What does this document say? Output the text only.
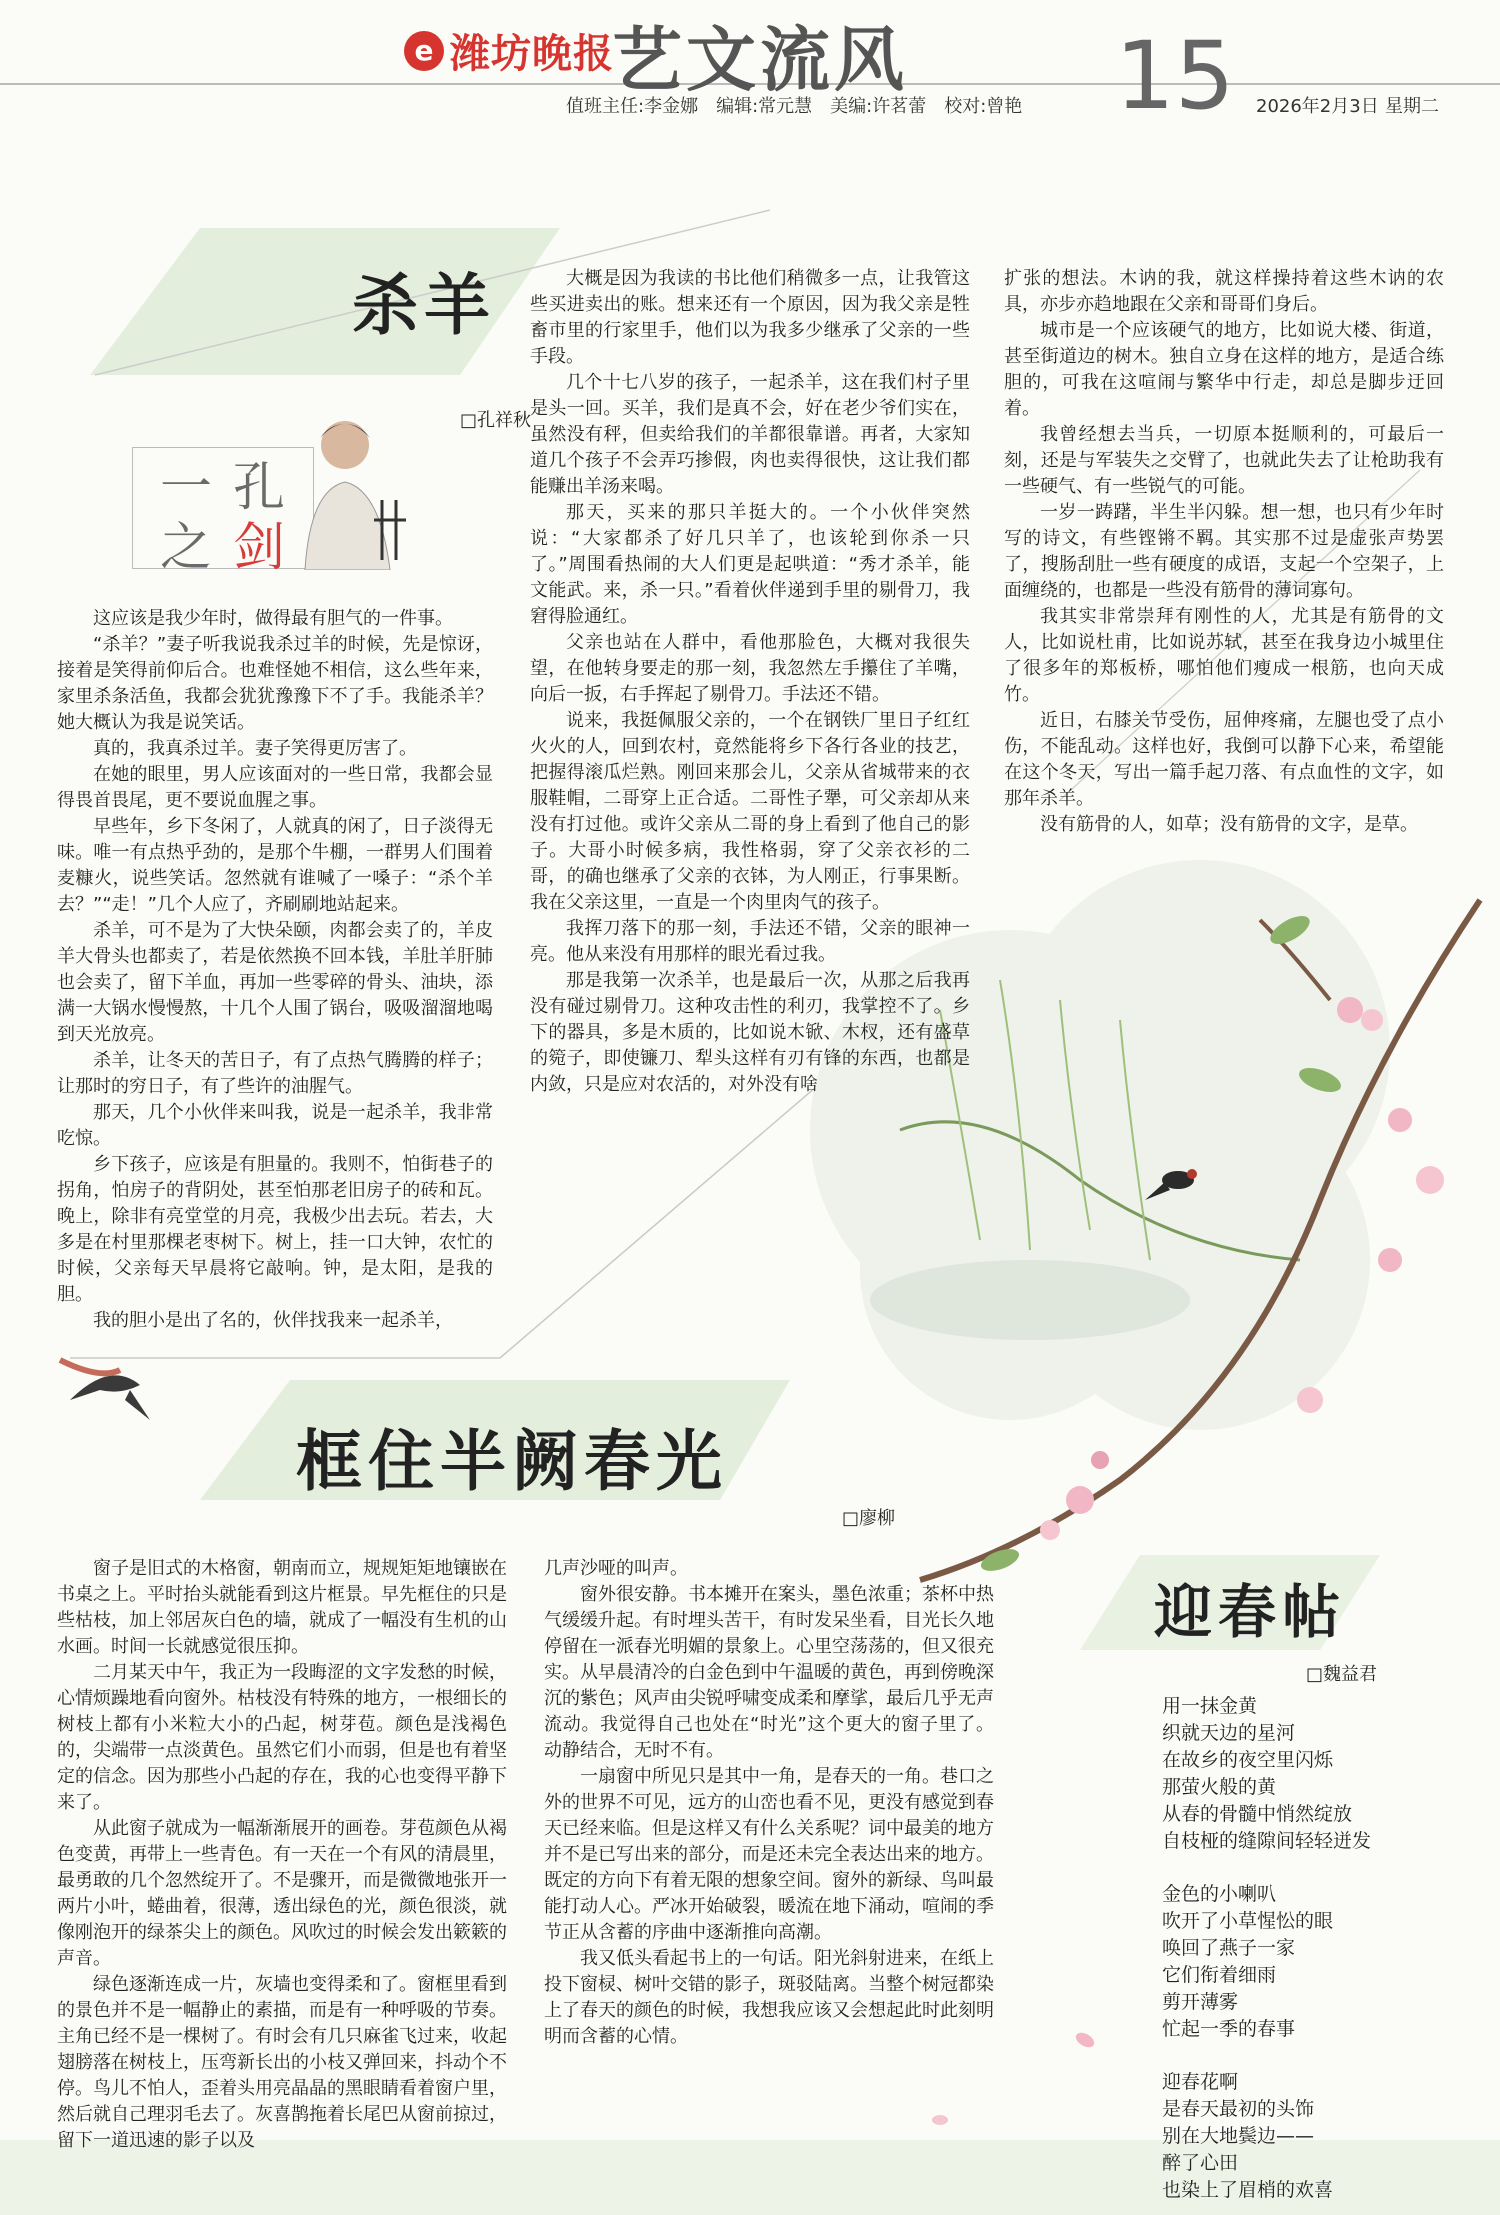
e 潍坊晚报
艺文流风 15
值班主任:李金娜　编辑:常元慧　美编:许茗蕾　校对:曾艳	2026年2月3日 星期二
杀羊
□孔祥秋
一 孔
之 剑

这应该是我少年时，做得最有胆气的一件事。

“杀羊？”妻子听我说我杀过羊的时候，先是惊讶，接着是笑得前仰后合。也难怪她不相信，这么些年来，家里杀条活鱼，我都会犹犹豫豫下不了手。我能杀羊？她大概认为我是说笑话。

真的，我真杀过羊。妻子笑得更厉害了。

在她的眼里，男人应该面对的一些日常，我都会显得畏首畏尾，更不要说血腥之事。

早些年，乡下冬闲了，人就真的闲了，日子淡得无味。唯一有点热乎劲的，是那个牛棚，一群男人们围着麦糠火，说些笑话。忽然就有谁喊了一嗓子：“杀个羊去？”“走！”几个人应了，齐刷刷地站起来。

杀羊，可不是为了大快朵颐，肉都会卖了的，羊皮羊大骨头也都卖了，若是依然换不回本钱，羊肚羊肝肺也会卖了，留下羊血，再加一些零碎的骨头、油块，添满一大锅水慢慢熬，十几个人围了锅台，吸吸溜溜地喝到天光放亮。

杀羊，让冬天的苦日子，有了点热气腾腾的样子；让那时的穷日子，有了些许的油腥气。

那天，几个小伙伴来叫我，说是一起杀羊，我非常吃惊。

乡下孩子，应该是有胆量的。我则不，怕街巷子的拐角，怕房子的背阴处，甚至怕那老旧房子的砖和瓦。晚上，除非有亮堂堂的月亮，我极少出去玩。若去，大多是在村里那棵老枣树下。树上，挂一口大钟，农忙的时候，父亲每天早晨将它敲响。钟，是太阳，是我的胆。

我的胆小是出了名的，伙伴找我来一起杀羊，

大概是因为我读的书比他们稍微多一点，让我管这些买进卖出的账。想来还有一个原因，因为我父亲是牲畜市里的行家里手，他们以为我多少继承了父亲的一些手段。

几个十七八岁的孩子，一起杀羊，这在我们村子里是头一回。买羊，我们是真不会，好在老少爷们实在，虽然没有秤，但卖给我们的羊都很靠谱。再者，大家知道几个孩子不会弄巧掺假，肉也卖得很快，这让我们都能赚出羊汤来喝。

那天，买来的那只羊挺大的。一个小伙伴突然说：“大家都杀了好几只羊了，也该轮到你杀一只了。”周围看热闹的大人们更是起哄道：“秀才杀羊，能文能武。来，杀一只。”看着伙伴递到手里的剔骨刀，我窘得脸通红。

父亲也站在人群中，看他那脸色，大概对我很失望，在他转身要走的那一刻，我忽然左手攥住了羊嘴，向后一扳，右手挥起了剔骨刀。手法还不错。

说来，我挺佩服父亲的，一个在钢铁厂里日子红红火火的人，回到农村，竟然能将乡下各行各业的技艺，把握得滚瓜烂熟。刚回来那会儿，父亲从省城带来的衣服鞋帽，二哥穿上正合适。二哥性子犟，可父亲却从来没有打过他。或许父亲从二哥的身上看到了他自己的影子。大哥小时候多病，我性格弱，穿了父亲衣衫的二哥，的确也继承了父亲的衣钵，为人刚正，行事果断。我在父亲这里，一直是一个肉里肉气的孩子。

我挥刀落下的那一刻，手法还不错，父亲的眼神一亮。他从来没有用那样的眼光看过我。

那是我第一次杀羊，也是最后一次，从那之后我再没有碰过剔骨刀。这种攻击性的利刃，我掌控不了。乡下的器具，多是木质的，比如说木锨、木杈，还有盛草的箢子，即使镰刀、犁头这样有刃有锋的东西，也都是内敛，只是应对农活的，对外没有啥

扩张的想法。木讷的我，就这样操持着这些木讷的农具，亦步亦趋地跟在父亲和哥哥们身后。

城市是一个应该硬气的地方，比如说大楼、街道，甚至街道边的树木。独自立身在这样的地方，是适合练胆的，可我在这喧闹与繁华中行走，却总是脚步迂回着。

我曾经想去当兵，一切原本挺顺利的，可最后一刻，还是与军装失之交臂了，也就此失去了让枪助我有一些硬气、有一些锐气的可能。

一岁一踌躇，半生半闪躲。想一想，也只有少年时写的诗文，有些铿锵不羁。其实那不过是虚张声势罢了，搜肠刮肚一些有硬度的成语，支起一个空架子，上面缠绕的，也都是一些没有筋骨的薄词寡句。

我其实非常崇拜有刚性的人，尤其是有筋骨的文人，比如说杜甫，比如说苏轼，甚至在我身边小城里住了很多年的郑板桥，哪怕他们瘦成一根筋，也向天成竹。

近日，右膝关节受伤，屈伸疼痛，左腿也受了点小伤，不能乱动。这样也好，我倒可以静下心来，希望能在这个冬天，写出一篇手起刀落、有点血性的文字，如那年杀羊。

没有筋骨的人，如草；没有筋骨的文字，是草。

框住半阙春光
□廖柳

窗子是旧式的木格窗，朝南而立，规规矩矩地镶嵌在书桌之上。平时抬头就能看到这片框景。早先框住的只是些枯枝，加上邻居灰白色的墙，就成了一幅没有生机的山水画。时间一长就感觉很压抑。

二月某天中午，我正为一段晦涩的文字发愁的时候，心情烦躁地看向窗外。枯枝没有特殊的地方，一根细长的树枝上都有小米粒大小的凸起，树芽苞。颜色是浅褐色的，尖端带一点淡黄色。虽然它们小而弱，但是也有着坚定的信念。因为那些小凸起的存在，我的心也变得平静下来了。

从此窗子就成为一幅渐渐展开的画卷。芽苞颜色从褐色变黄，再带上一些青色。有一天在一个有风的清晨里，最勇敢的几个忽然绽开了。不是骤开，而是微微地张开一两片小叶，蜷曲着，很薄，透出绿色的光，颜色很淡，就像刚泡开的绿茶尖上的颜色。风吹过的时候会发出簌簌的声音。

绿色逐渐连成一片，灰墙也变得柔和了。窗框里看到的景色并不是一幅静止的素描，而是有一种呼吸的节奏。主角已经不是一棵树了。有时会有几只麻雀飞过来，收起翅膀落在树枝上，压弯新长出的小枝又弹回来，抖动个不停。鸟儿不怕人，歪着头用亮晶晶的黑眼睛看着窗户里，然后就自己理羽毛去了。灰喜鹊拖着长尾巴从窗前掠过，留下一道迅速的影子以及

几声沙哑的叫声。

窗外很安静。书本摊开在案头，墨色浓重；茶杯中热气缓缓升起。有时埋头苦干，有时发呆坐看，目光长久地停留在一派春光明媚的景象上。心里空荡荡的，但又很充实。从早晨清冷的白金色到中午温暖的黄色，再到傍晚深沉的紫色；风声由尖锐呼啸变成柔和摩挲，最后几乎无声流动。我觉得自己也处在“时光”这个更大的窗子里了。动静结合，无时不有。

一扇窗中所见只是其中一角，是春天的一角。巷口之外的世界不可见，远方的山峦也看不见，更没有感觉到春天已经来临。但是这样又有什么关系呢？词中最美的地方并不是已写出来的部分，而是还未完全表达出来的地方。既定的方向下有着无限的想象空间。窗外的新绿、鸟叫最能打动人心。严冰开始破裂，暖流在地下涌动，喧闹的季节正从含蓄的序曲中逐渐推向高潮。

我又低头看起书上的一句话。阳光斜射进来，在纸上投下窗棂、树叶交错的影子，斑驳陆离。当整个树冠都染上了春天的颜色的时候，我想我应该又会想起此时此刻明明而含蓄的心情。

迎春帖
□魏益君

用一抹金黄

织就天边的星河

在故乡的夜空里闪烁

那萤火般的黄

从春的骨髓中悄然绽放

自枝桠的缝隙间轻轻迸发

金色的小喇叭

吹开了小草惺忪的眼

唤回了燕子一家

它们衔着细雨

剪开薄雾

忙起一季的春事

迎春花啊

是春天最初的头饰

别在大地鬓边——

醉了心田

也染上了眉梢的欢喜
